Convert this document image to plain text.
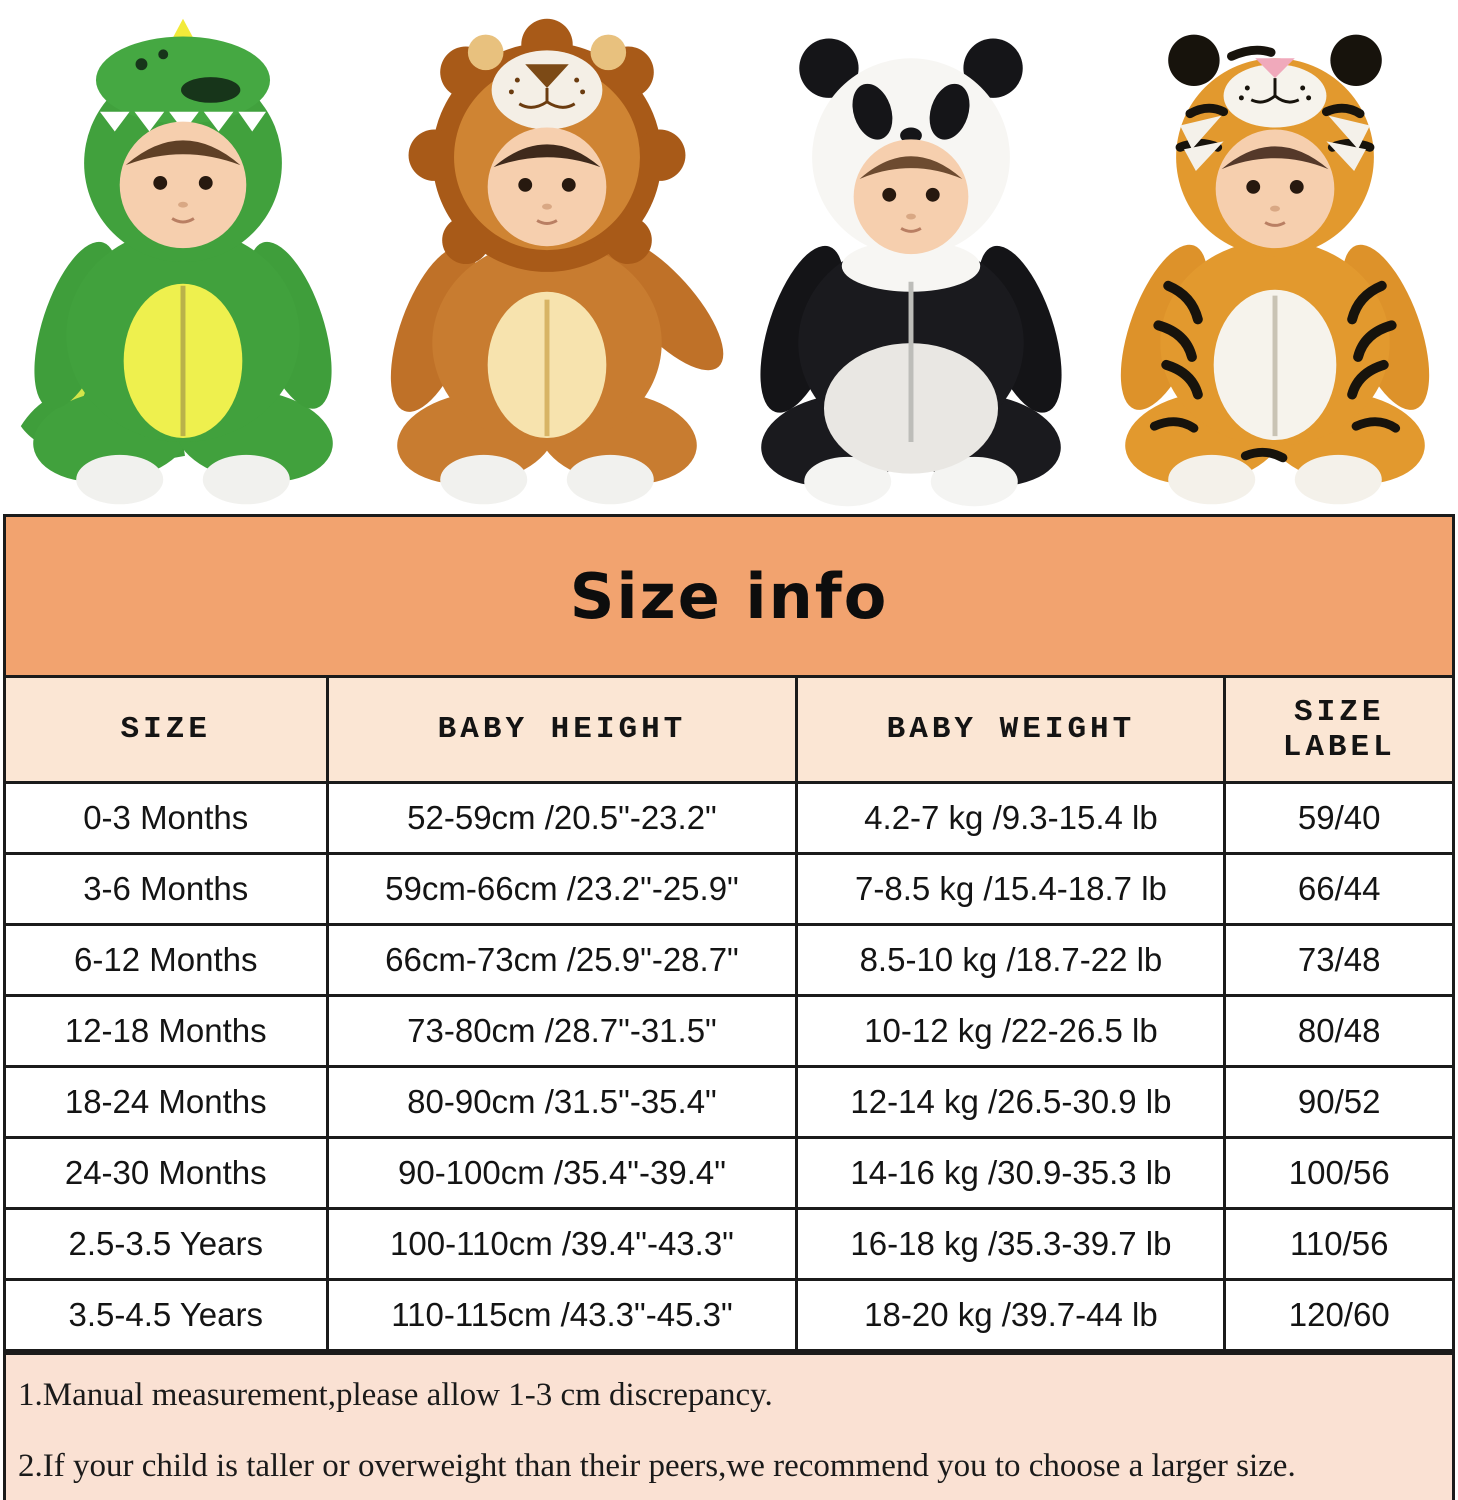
Size info
SIZE	BABY HEIGHT	BABY WEIGHT	SIZE LABEL
0-3 Months	52-59cm /20.5"-23.2"	4.2-7 kg /9.3-15.4 lb	59/40
3-6 Months	59cm-66cm /23.2"-25.9"	7-8.5 kg /15.4-18.7 lb	66/44
6-12 Months	66cm-73cm /25.9"-28.7"	8.5-10 kg /18.7-22 lb	73/48
12-18 Months	73-80cm /28.7"-31.5"	10-12 kg /22-26.5 lb	80/48
18-24 Months	80-90cm /31.5"-35.4"	12-14 kg /26.5-30.9 lb	90/52
24-30 Months	90-100cm /35.4"-39.4"	14-16 kg /30.9-35.3 lb	100/56
2.5-3.5 Years	100-110cm /39.4"-43.3"	16-18 kg /35.3-39.7 lb	110/56
3.5-4.5 Years	110-115cm /43.3"-45.3"	18-20 kg /39.7-44 lb	120/60

1.Manual measurement,please allow 1-3 cm discrepancy.

2.If your child is taller or overweight than their peers,we recommend you to choose a larger size.
